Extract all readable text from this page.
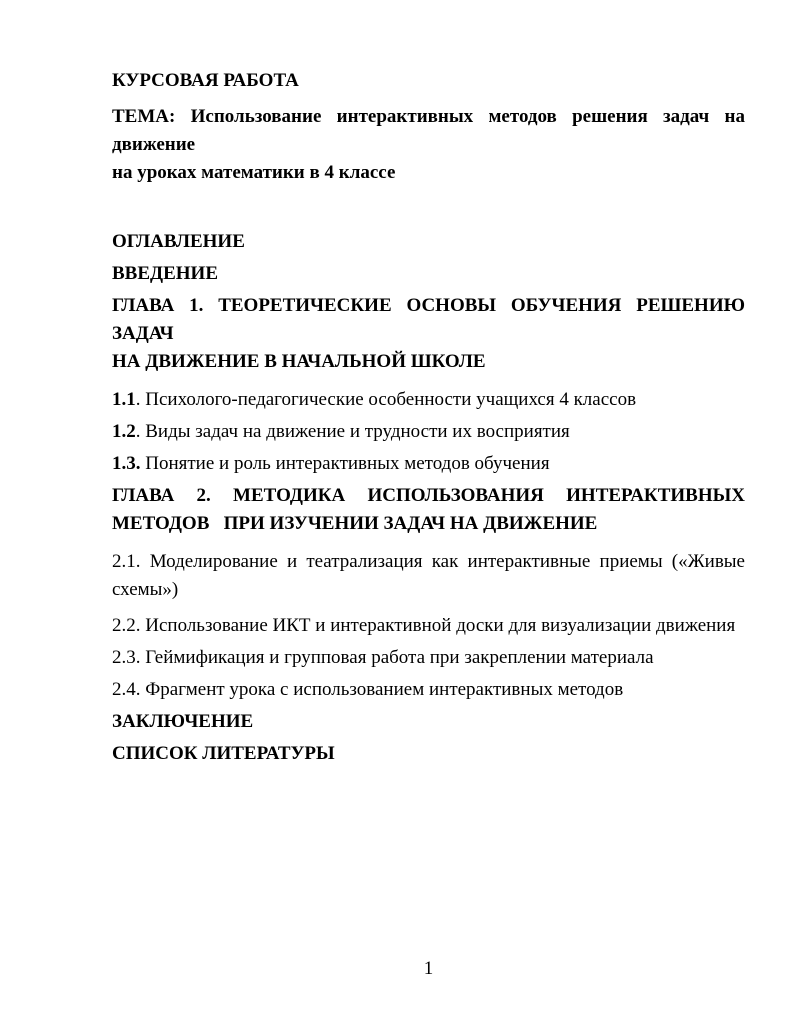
КУРСОВАЯ РАБОТА

ТЕМА: Использование интерактивных методов решения задач на движение
на уроках математики в 4 классе

ОГЛАВЛЕНИЕ

ВВЕДЕНИЕ

ГЛАВА 1. ТЕОРЕТИЧЕСКИЕ ОСНОВЫ ОБУЧЕНИЯ РЕШЕНИЮ ЗАДАЧ
НА ДВИЖЕНИЕ В НАЧАЛЬНОЙ ШКОЛЕ

1.1. Психолого-педагогические особенности учащихся 4 классов

1.2. Виды задач на движение и трудности их восприятия

1.3. Понятие и роль интерактивных методов обучения

ГЛАВА 2. МЕТОДИКА ИСПОЛЬЗОВАНИЯ ИНТЕРАКТИВНЫХ
МЕТОДОВ   ПРИ ИЗУЧЕНИИ ЗАДАЧ НА ДВИЖЕНИЕ

2.1. Моделирование и театрализация как интерактивные приемы («Живые
схемы»)

2.2. Использование ИКТ и интерактивной доски для визуализации движения

2.3. Геймификация и групповая работа при закреплении материала

2.4. Фрагмент урока с использованием интерактивных методов

ЗАКЛЮЧЕНИЕ

СПИСОК ЛИТЕРАТУРЫ

1
